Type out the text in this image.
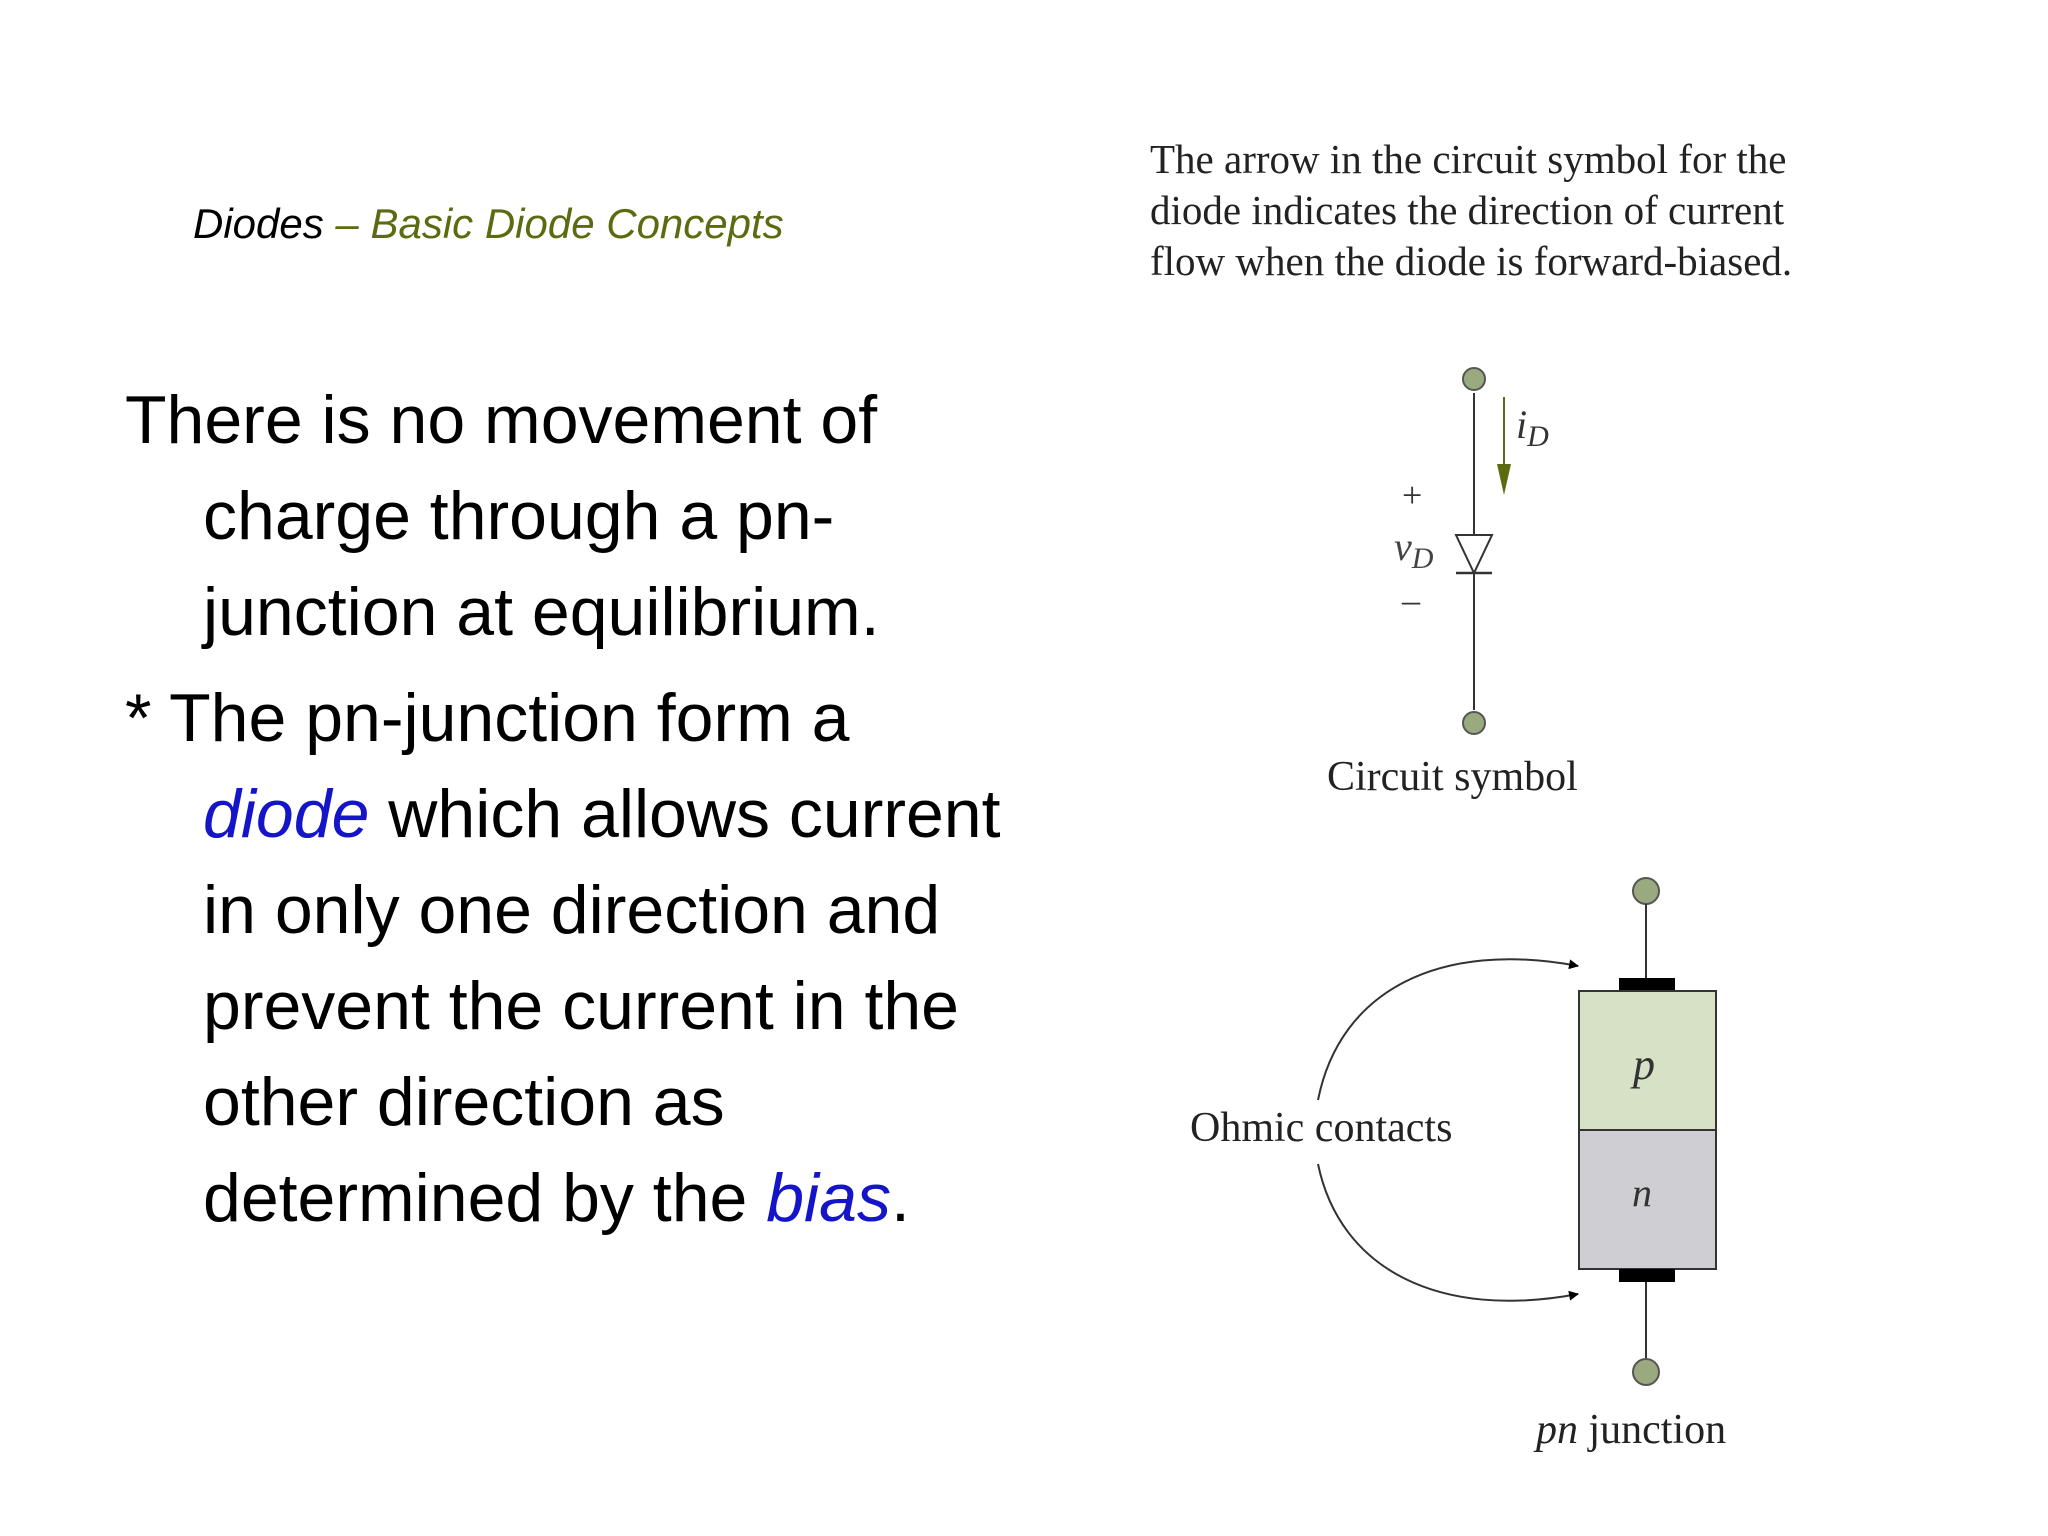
Diodes – Basic Diode Concepts

There is no movement of charge through a pn-junction at equilibrium.

* The pn-junction form a diode which allows current in only one direction and prevent the current in the other direction as determined by the bias.

The arrow in the circuit symbol for the diode indicates the direction of current flow when the diode is forward-biased.
$i_D$
+
$v_D$
–
Circuit symbol
p
n
Ohmic contacts
pn junction
